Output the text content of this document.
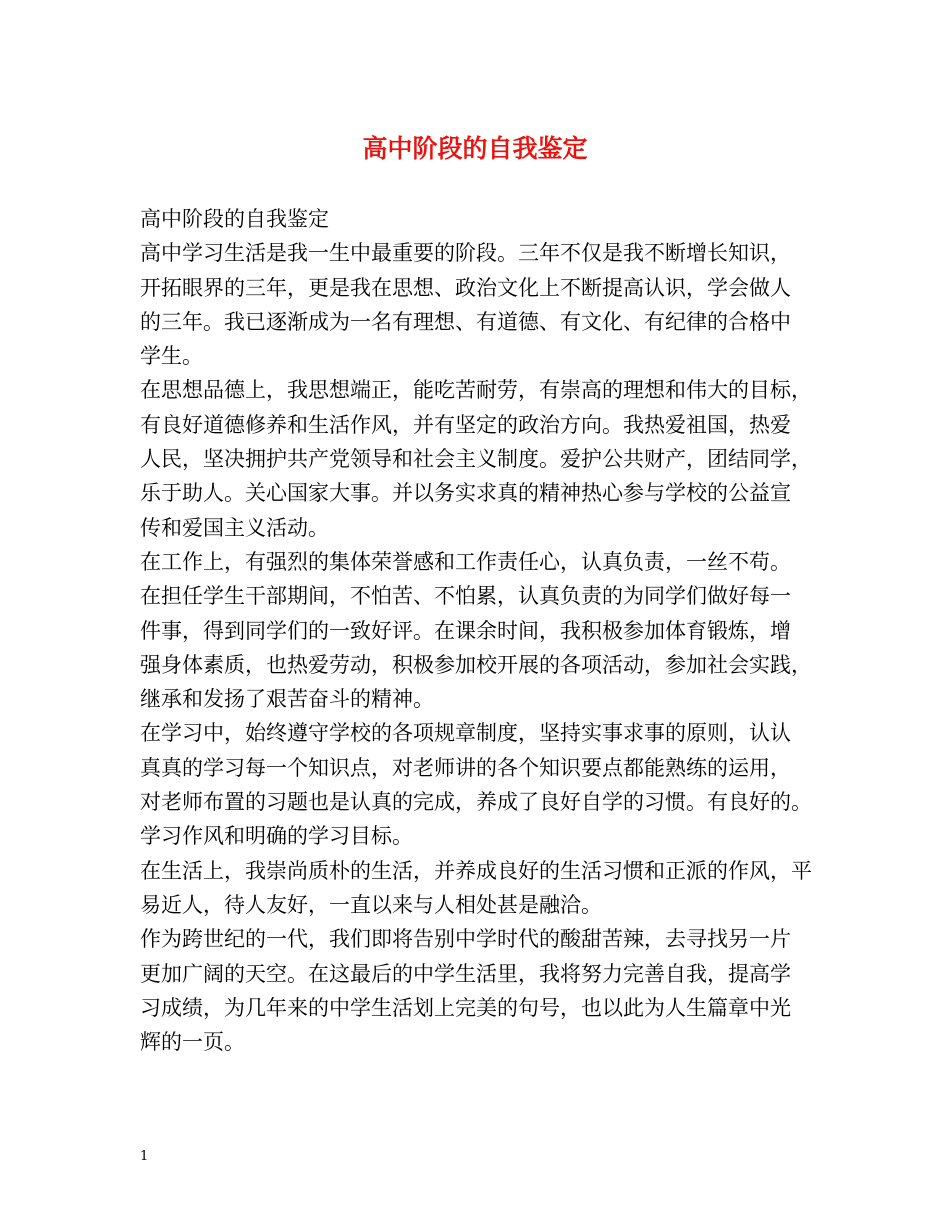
高中阶段的自我鉴定
高中阶段的自我鉴定
高中学习生活是我一生中最重要的阶段。三年不仅是我不断增长知识，
开拓眼界的三年，更是我在思想、政治文化上不断提高认识，学会做人
的三年。我已逐渐成为一名有理想、有道德、有文化、有纪律的合格中
学生。
在思想品德上，我思想端正，能吃苦耐劳，有崇高的理想和伟大的目标，
有良好道德修养和生活作风，并有坚定的政治方向。我热爱祖国，热爱
人民，坚决拥护共产党领导和社会主义制度。爱护公共财产，团结同学，
乐于助人。关心国家大事。并以务实求真的精神热心参与学校的公益宣
传和爱国主义活动。
在工作上，有强烈的集体荣誉感和工作责任心，认真负责，一丝不苟。
在担任学生干部期间，不怕苦、不怕累，认真负责的为同学们做好每一
件事，得到同学们的一致好评。在课余时间，我积极参加体育锻炼，增
强身体素质，也热爱劳动，积极参加校开展的各项活动，参加社会实践，
继承和发扬了艰苦奋斗的精神。
在学习中，始终遵守学校的各项规章制度，坚持实事求事的原则，认认
真真的学习每一个知识点，对老师讲的各个知识要点都能熟练的运用，
对老师布置的习题也是认真的完成，养成了良好自学的习惯。有良好的。
学习作风和明确的学习目标。
在生活上，我崇尚质朴的生活，并养成良好的生活习惯和正派的作风，平
易近人，待人友好，一直以来与人相处甚是融洽。
作为跨世纪的一代，我们即将告别中学时代的酸甜苦辣，去寻找另一片
更加广阔的天空。在这最后的中学生活里，我将努力完善自我，提高学
习成绩，为几年来的中学生活划上完美的句号，也以此为人生篇章中光
辉的一页。
1
